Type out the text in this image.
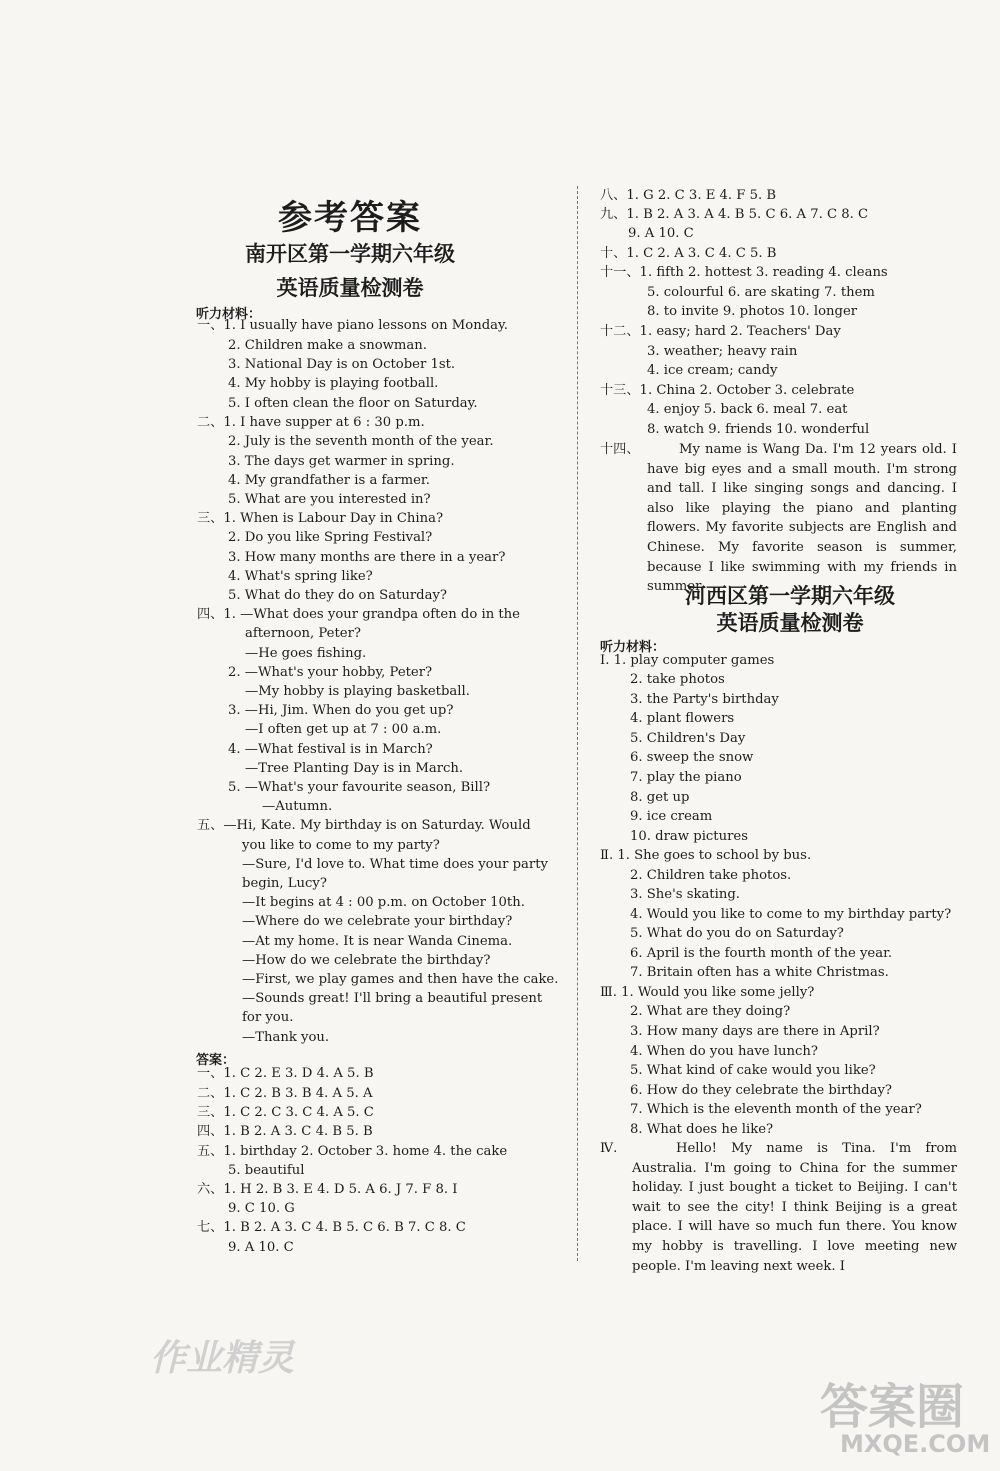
参考答案
南开区第一学期六年级
英语质量检测卷
听力材料：
一、1. I usually have piano lessons on Monday.
2. Children make a snowman.
3. National Day is on October 1st.
4. My hobby is playing football.
5. I often clean the floor on Saturday.
二、1. I have supper at 6 : 30 p.m.
2. July is the seventh month of the year.
3. The days get warmer in spring.
4. My grandfather is a farmer.
5. What are you interested in?
三、1. When is Labour Day in China?
2. Do you like Spring Festival?
3. How many months are there in a year?
4. What's spring like?
5. What do they do on Saturday?
四、1. —What does your grandpa often do in the
afternoon, Peter?
—He goes fishing.
2. —What's your hobby, Peter?
—My hobby is playing basketball.
3. —Hi, Jim. When do you get up?
—I often get up at 7 : 00 a.m.
4. —What festival is in March?
—Tree Planting Day is in March.
5. —What's your favourite season, Bill?
—Autumn.
五、—Hi, Kate. My birthday is on Saturday. Would
you like to come to my party?
—Sure, I'd love to. What time does your party
begin, Lucy?
—It begins at 4 : 00 p.m. on October 10th.
—Where do we celebrate your birthday?
—At my home. It is near Wanda Cinema.
—How do we celebrate the birthday?
—First, we play games and then have the cake.
—Sounds great! I'll bring a beautiful present
for you.
—Thank you.
答案：
一、1. C 2. E 3. D 4. A 5. B
二、1. C 2. B 3. B 4. A 5. A
三、1. C 2. C 3. C 4. A 5. C
四、1. B 2. A 3. C 4. B 5. B
五、1. birthday 2. October 3. home 4. the cake
5. beautiful
六、1. H 2. B 3. E 4. D 5. A 6. J 7. F 8. I
9. C 10. G
七、1. B 2. A 3. C 4. B 5. C 6. B 7. C 8. C
9. A 10. C
八、1. G 2. C 3. E 4. F 5. B
九、1. B 2. A 3. A 4. B 5. C 6. A 7. C 8. C
9. A 10. C
十、1. C 2. A 3. C 4. C 5. B
十一、1. fifth 2. hottest 3. reading 4. cleans
5. colourful 6. are skating 7. them
8. to invite 9. photos 10. longer
十二、1. easy; hard 2. Teachers' Day
3. weather; heavy rain
4. ice cream; candy
十三、1. China 2. October 3. celebrate
4. enjoy 5. back 6. meal 7. eat
8. watch 9. friends 10. wonderful
十四、	My name is Wang Da. I'm 12 years old. I have big eyes and a small mouth. I'm strong and tall. I like singing songs and dancing. I also like playing the piano and planting flowers. My favorite subjects are English and Chinese. My favorite season is summer, because I like swimming with my friends in summer.
河西区第一学期六年级
英语质量检测卷
听力材料：
Ⅰ. 1. play computer games
2. take photos
3. the Party's birthday
4. plant flowers
5. Children's Day
6. sweep the snow
7. play the piano
8. get up
9. ice cream
10. draw pictures
Ⅱ. 1. She goes to school by bus.
2. Children take photos.
3. She's skating.
4. Would you like to come to my birthday party?
5. What do you do on Saturday?
6. April is the fourth month of the year.
7. Britain often has a white Christmas.
Ⅲ. 1. Would you like some jelly?
2. What are they doing?
3. How many days are there in April?
4. When do you have lunch?
5. What kind of cake would you like?
6. How do they celebrate the birthday?
7. Which is the eleventh month of the year?
8. What does he like?
Ⅳ.	Hello! My name is Tina. I'm from Australia. I'm going to China for the summer holiday. I just bought a ticket to Beijing. I can't wait to see the city! I think Beijing is a great place. I will have so much fun there. You know my hobby is travelling. I love meeting new people. I'm leaving next week. I
作业精灵
答案圈
MXQE.COM
